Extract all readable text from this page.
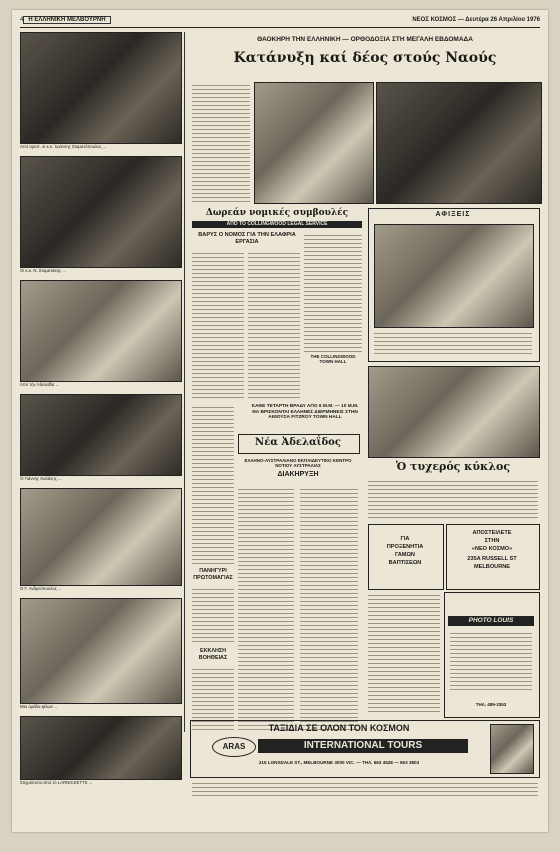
4 Η ΕΛΛΗΝΙΚΗ ΜΕΛΒΟΥΡΝΗ	ΝΕΟΣ ΚΟΣΜΟΣ — Δευτέρα 26 Απριλίου 1976
Από αριστ. οἱ κ.κ. Ἰωάννης Σταματόπουλος ...
Οἱ κ.κ. Ν. Σταματάκης ...
Ἀπό τήν Ἀδελαΐδα ...
Ὁ Γιάννης Καλάνης ...
Ο Γ. Ανδρεόπουλος ...
Μια ὁμάδα φίλων ...
Στιγμιότυπο ἀπό τό LARNICKETTS ...
ΘΑΟΚΗΡΗ ΤΗΝ ΕΛΛΗΝΙΚΗ — ΟΡΘΟΔΟΞΙΑ ΣΤΗ ΜΕΓΑΛΗ ΕΒΔΟΜΑΔΑ
Κατάνυξη καί δέος στούς Ναούς
Δωρεάν νομικές συμβουλές
ΑΠΟ ΤΟ COLLINGWOOD LEGAL SERVICE
ΒΑΡΥΣ Ο ΝΟΜΟΣ ΓΙΑ ΤΗΝ ΕΛΑΦΡΙΑ ΕΡΓΑΣΙΑ
THE COLLINGWOOD TOWN HALL
ΚΑΘΕ ΤΕΤΑΡΤΗ ΒΡΑΔΥ ΑΠΟ 6 Μ.Μ. — 10 Μ.Μ. ΘΑ ΒΡΙΣΚΟΝΤΑΙ ΕΛΛΗΝΕΣ ΔΙΕΡΜΗΝΕΙΣ ΣΤΗΝ ΑΙΘΟΥΣΑ FITZROY TOWN HALL
ΑΦΙΞΕΙΣ
Νέα Ἀδελαΐδος
ΕΛΛΗΝΟ-ΑΥΣΤΡΑΛΙΑΝΟ ΕΚΠΑΙΔΕΥΤΙΚΟ ΚΕΝΤΡΟ ΝΟΤΙΟΥ ΑΥΣΤΡΑΛΙΑΣ
ΔΙΑΚΗΡΥΞΗ
ΠΑΝΗΓΥΡΙ ΠΡΩΤΟΜΑΓΙΑΣ
ΕΚΚΛΗΣΗ ΒΟΗΘΕΙΑΣ
Ὁ τυχερός κύκλος
ΓΙΑ
ΠΡΟΞΕΝΗΤΙΑ
ΓΑΜΩΝ
ΒΑΠΤΙΣΕΩΝ
ΑΠΟΣΤΕΙΛΕΤΕ
ΣΤΗΝ
«ΝΕΟ ΚΟΣΜΟ»
235A RUSSELL ST
MELBOURNE
PHOTO LOUIS
ΤΗΛ. 489-3353
ΤΑΞΙΔΙΑ ΣΕ ΟΛΟΝ ΤΟΝ ΚΟΣΜΟΝ
ARAS	INTERNATIONAL TOURS
215 LONSDALE ST., MELBOURNE 3000 VIC. — ΤΗΛ. 663 4528 — 663 3803
